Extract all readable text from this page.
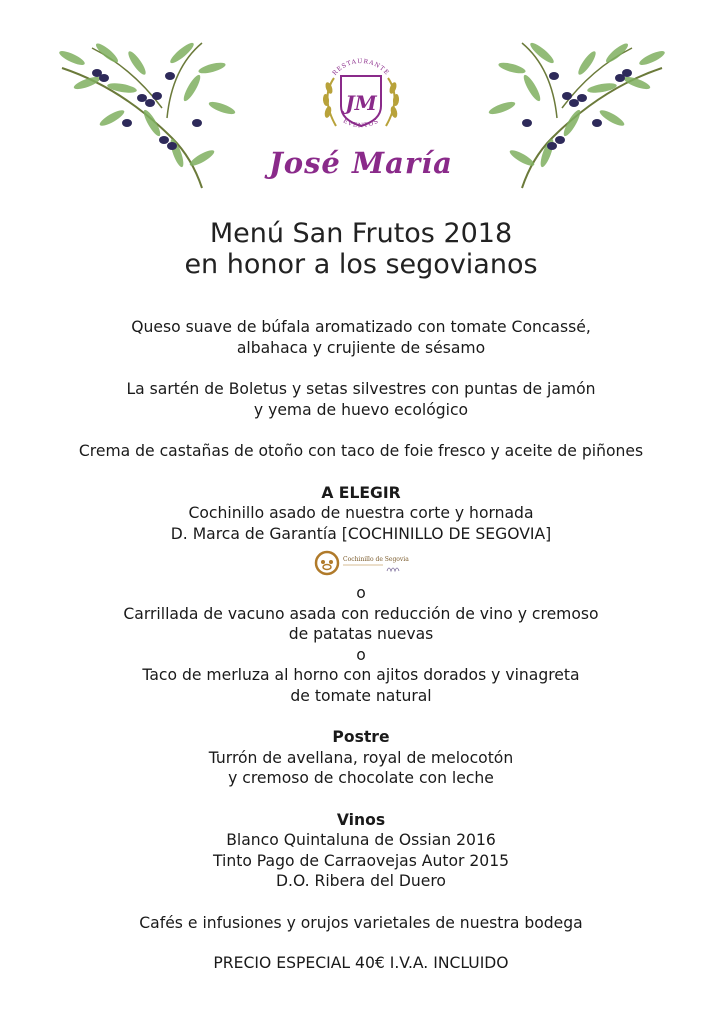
RESTAURANTE
EVENTOS
JM
José María
Menú San Frutos 2018
en honor a los segovianos
Queso suave de búfala aromatizado con tomate Concassé,
albahaca y crujiente de sésamo
La sartén de Boletus y setas silvestres con puntas de jamón
y yema de huevo ecológico
Crema de castañas de otoño con taco de foie fresco y aceite de piñones
A ELEGIR
Cochinillo asado de nuestra corte y hornada
D. Marca de Garantía [COCHINILLO DE SEGOVIA]
Cochinillo de Segovia
o
Carrillada de vacuno asada con reducción de vino y cremoso
de patatas nuevas
o
Taco de merluza al horno con ajitos dorados y vinagreta
de tomate natural
Postre
Turrón de avellana, royal de melocotón
y cremoso de chocolate con leche
Vinos
Blanco Quintaluna de Ossian 2016
Tinto Pago de Carraovejas Autor 2015
D.O. Ribera del Duero
Cafés e infusiones y orujos varietales de nuestra bodega
PRECIO ESPECIAL 40€ I.V.A. INCLUIDO
